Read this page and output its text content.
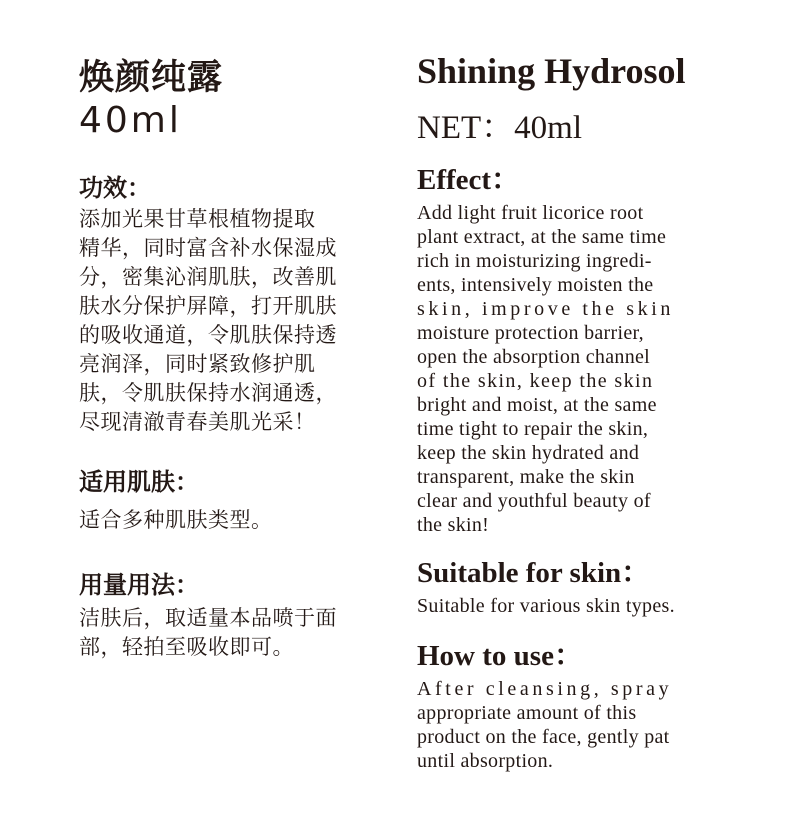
焕颜纯露
40ml
功效：
添加光果甘草根植物提取
精华，同时富含补水保湿成
分，密集沁润肌肤，改善肌
肤水分保护屏障，打开肌肤
的吸收通道，令肌肤保持透
亮润泽，同时紧致修护肌
肤，令肌肤保持水润通透，
尽现清澈青春美肌光采！
适用肌肤：
适合多种肌肤类型。
用量用法：
洁肤后，取适量本品喷于面
部，轻拍至吸收即可。
Shining Hydrosol
NET：40ml
Effect：
Add light fruit licorice root
plant extract, at the same time
rich in moisturizing ingredi-
ents, intensively moisten the
skin, improve the skin
moisture protection barrier,
open the absorption channel
of the skin, keep the skin
bright and moist, at the same
time tight to repair the skin,
keep the skin hydrated and
transparent, make the skin
clear and youthful beauty of
the skin!
Suitable for skin：
Suitable for various skin types.
How to use：
After cleansing, spray
appropriate amount of this
product on the face, gently pat
until absorption.
